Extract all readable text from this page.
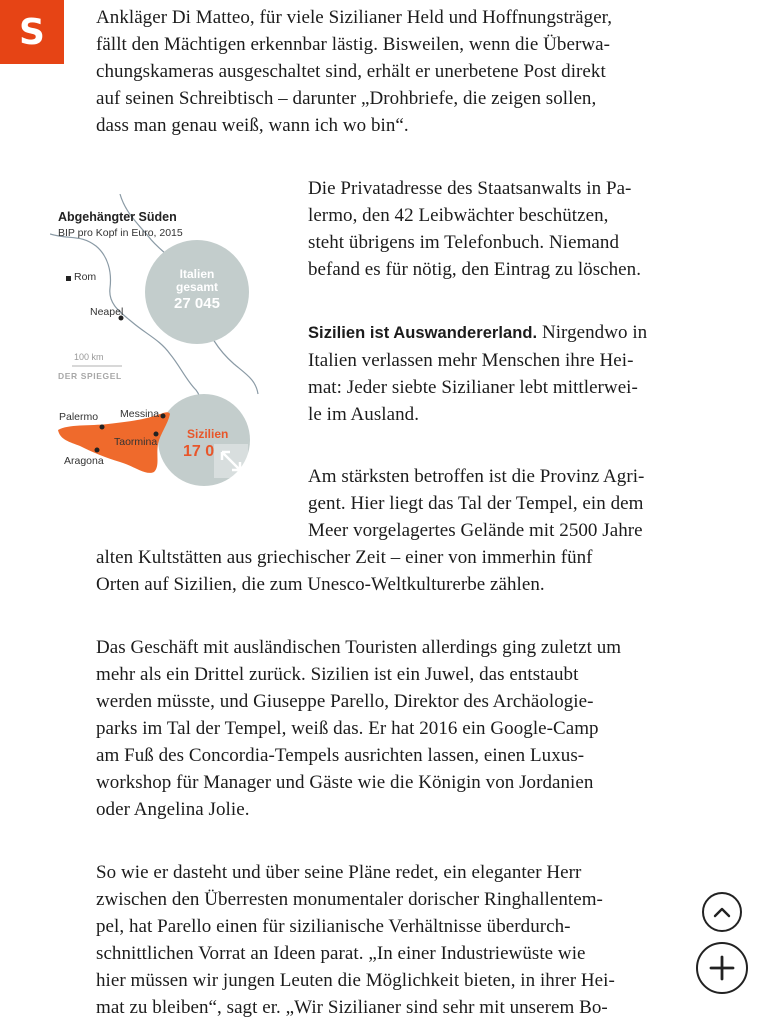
S	Ankläger Di Matteo, für viele Sizilianer Held und Hoffnungsträger,
fällt den Mächtigen erkennbar lästig. Bisweilen, wenn die Überwa-
chungskameras ausgeschaltet sind, erhält er unerbetene Post direkt
auf seinen Schreibtisch – darunter „Drohbriefe, die zeigen sollen,
dass man genau weiß, wann ich wo bin“.
Abgehängter Süden
BIP pro Kopf in Euro, 2015
Rom
Neapel
Palermo Messina
Taormina
Aragona
Italien
gesamt
27 045
Sizilien
17 0
100 km
DER SPIEGEL
Die Privatadresse des Staatsanwalts in Pa-
lermo, den 42 Leibwächter beschützen,
steht übrigens im Telefonbuch. Niemand
befand es für nötig, den Eintrag zu löschen.
Sizilien ist Auswandererland. Nirgendwo in
Italien verlassen mehr Menschen ihre Hei-
mat: Jeder siebte Sizilianer lebt mittlerwei-
le im Ausland.
Am stärksten betroffen ist die Provinz Agri-
gent. Hier liegt das Tal der Tempel, ein dem
Meer vorgelagertes Gelände mit 2500 Jahre
alten Kultstätten aus griechischer Zeit – einer von immerhin fünf
Orten auf Sizilien, die zum Unesco-Weltkulturerbe zählen.
Das Geschäft mit ausländischen Touristen allerdings ging zuletzt um
mehr als ein Drittel zurück. Sizilien ist ein Juwel, das entstaubt
werden müsste, und Giuseppe Parello, Direktor des Archäologie-
parks im Tal der Tempel, weiß das. Er hat 2016 ein Google-Camp
am Fuß des Concordia-Tempels ausrichten lassen, einen Luxus-
workshop für Manager und Gäste wie die Königin von Jordanien
oder Angelina Jolie.
So wie er dasteht und über seine Pläne redet, ein eleganter Herr
zwischen den Überresten monumentaler dorischer Ringhallentem-
pel, hat Parello einen für sizilianische Verhältnisse überdurch-
schnittlichen Vorrat an Ideen parat. „In einer Industriewüste wie
hier müssen wir jungen Leuten die Möglichkeit bieten, in ihrer Hei-
mat zu bleiben“, sagt er. „Wir Sizilianer sind sehr mit unserem Bo-
